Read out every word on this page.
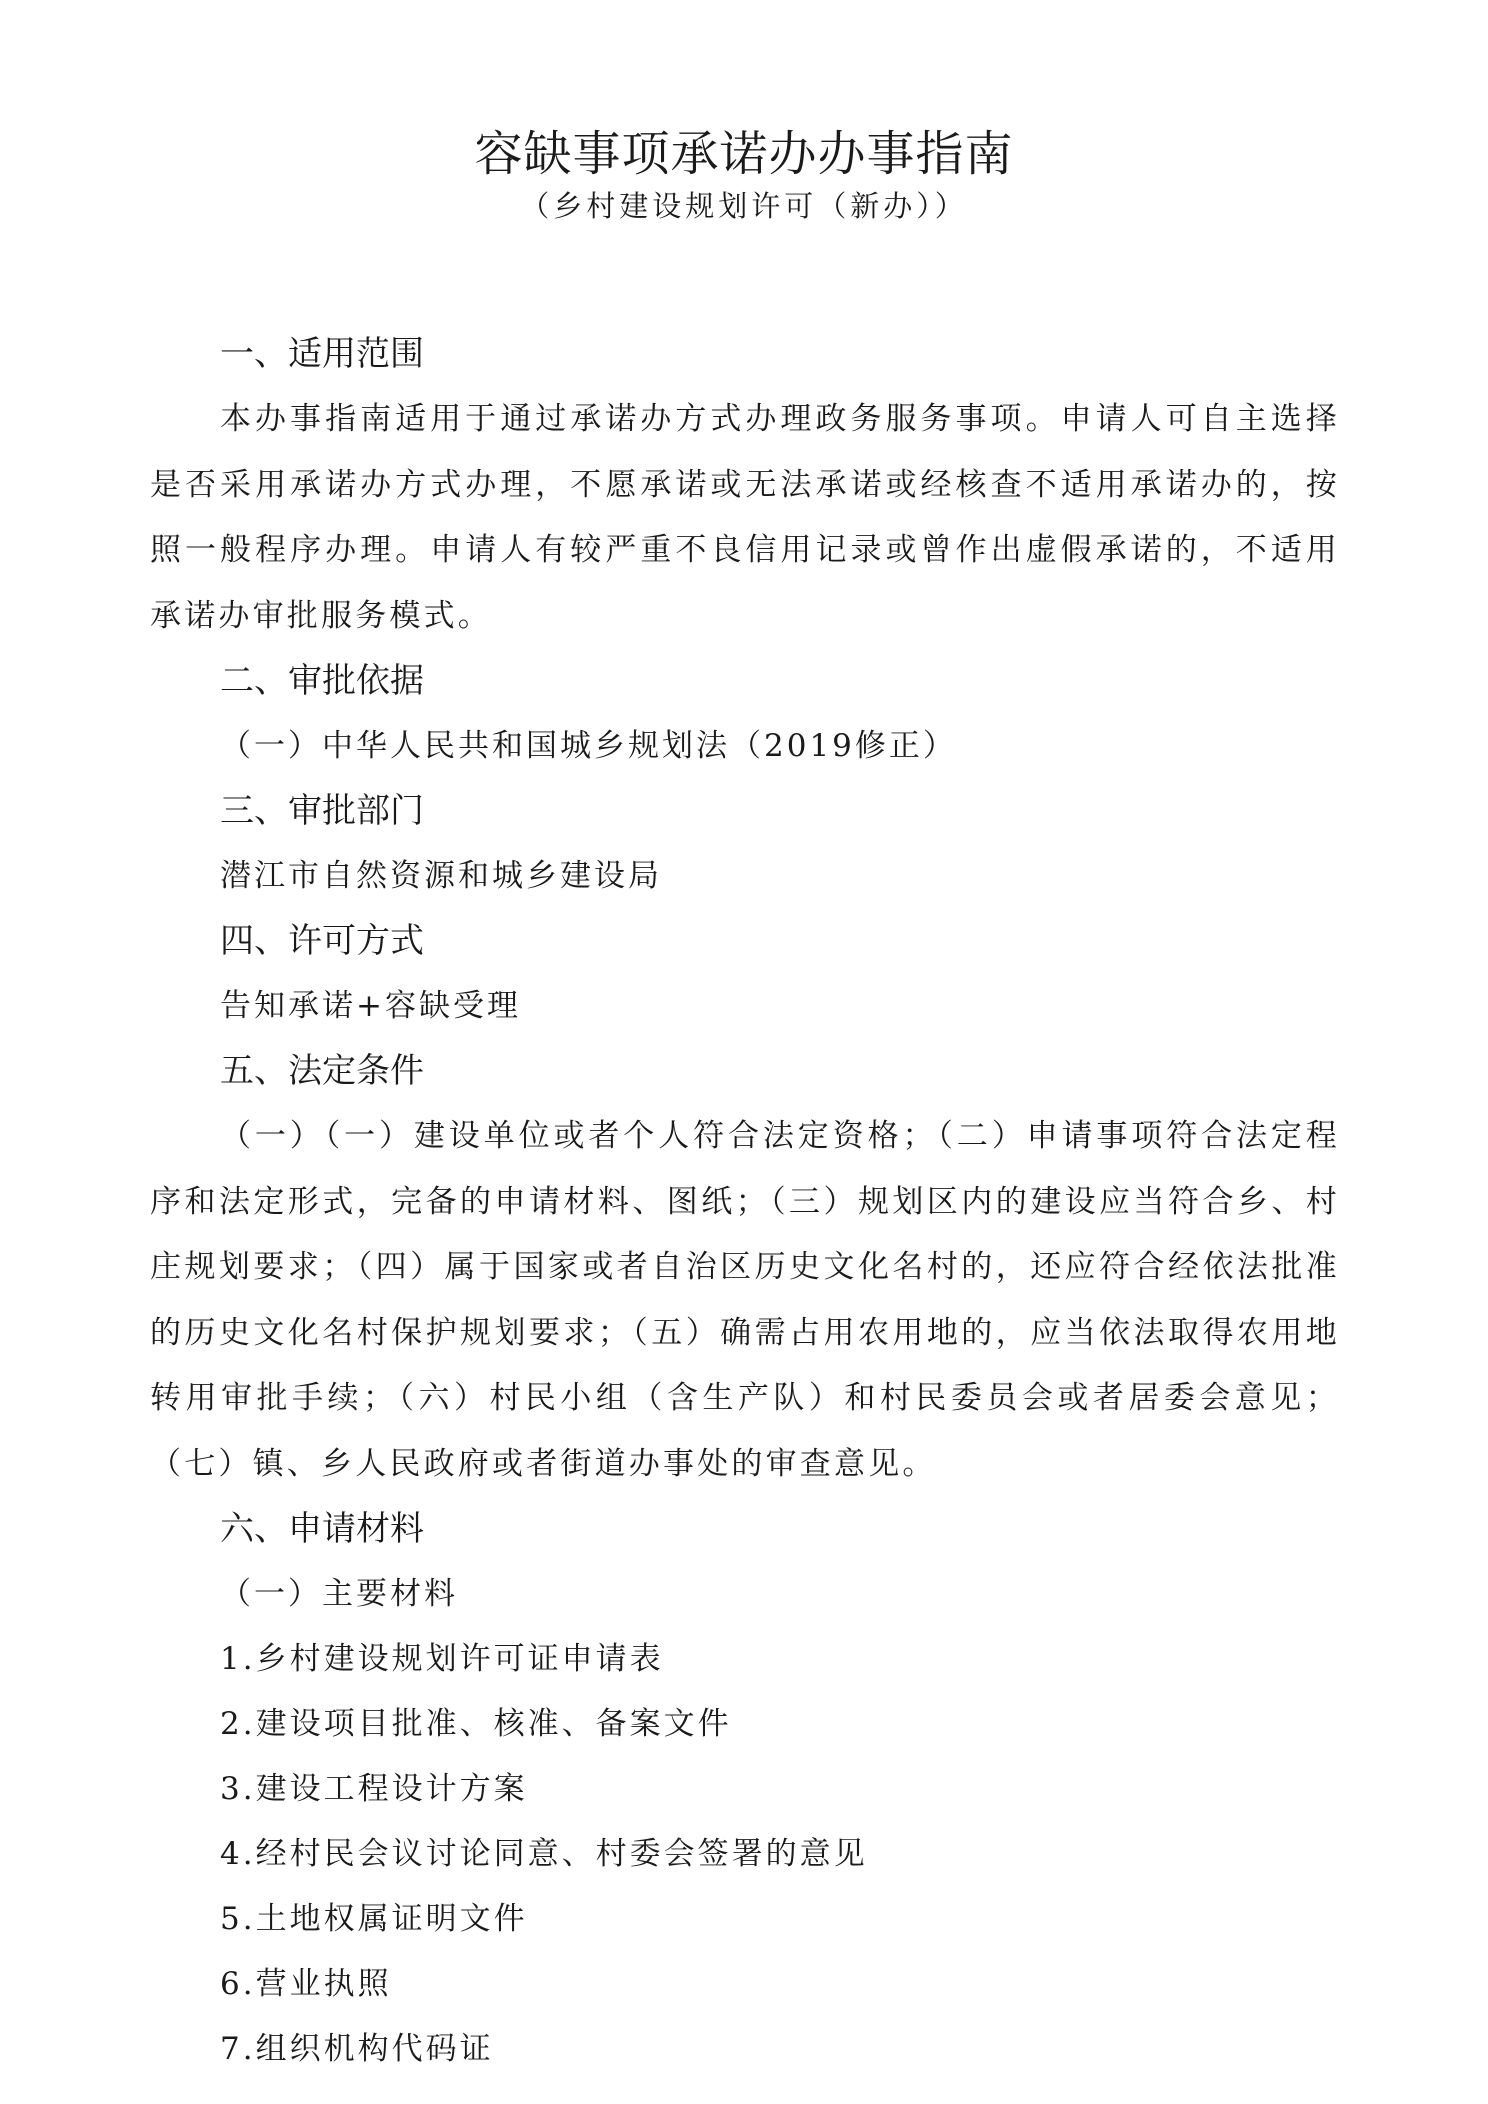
容缺事项承诺办办事指南
（乡村建设规划许可（新办））
一、适用范围

本办事指南适用于通过承诺办方式办理政务服务事项。申请人可自主选择是否采用承诺办方式办理，不愿承诺或无法承诺或经核查不适用承诺办的，按照一般程序办理。申请人有较严重不良信用记录或曾作出虚假承诺的，不适用承诺办审批服务模式。

二、审批依据
（一）中华人民共和国城乡规划法（2019修正）
三、审批部门
潜江市自然资源和城乡建设局
四、许可方式
告知承诺+容缺受理
五、法定条件

（一）（一）建设单位或者个人符合法定资格；（二）申请事项符合法定程序和法定形式，完备的申请材料、图纸；（三）规划区内的建设应当符合乡、村庄规划要求；（四）属于国家或者自治区历史文化名村的，还应符合经依法批准的历史文化名村保护规划要求；（五）确需占用农用地的，应当依法取得农用地转用审批手续；（六）村民小组（含生产队）和村民委员会或者居委会意见；（七）镇、乡人民政府或者街道办事处的审查意见。

六、申请材料
（一）主要材料
1.乡村建设规划许可证申请表
2.建设项目批准、核准、备案文件
3.建设工程设计方案
4.经村民会议讨论同意、村委会签署的意见
5.土地权属证明文件
6.营业执照
7.组织机构代码证
